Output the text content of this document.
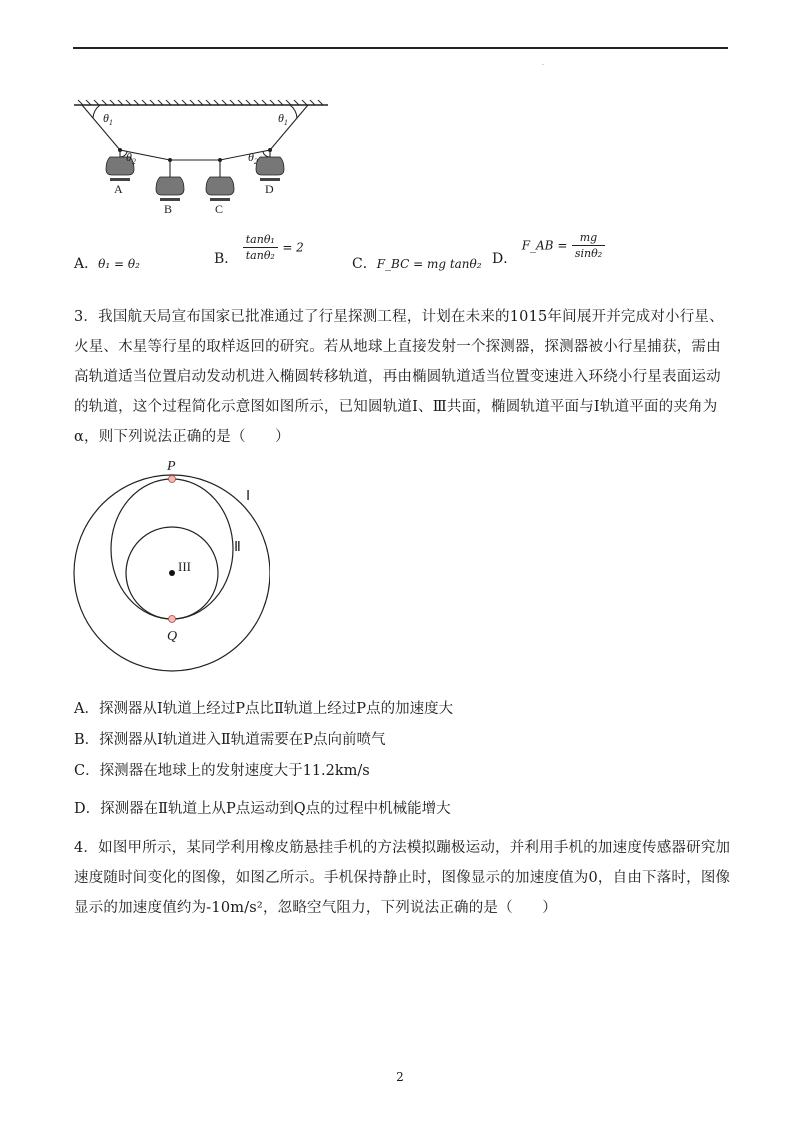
.
$\theta_1$	$\theta_1$
$\theta_2$	$\theta_2$
A
B	C
D
A．θ₁ = θ₂	B． $\frac{\text{tanθ₁}}{\text{tanθ₂}} = 2$
C．F_BC = mg tanθ₂ D． F_AB = $\frac{mg}{\text{sinθ₂}}$
3．我国航天局宣布国家已批准通过了行星探测工程，计划在未来的1015年间展开并完成对小行星、火星、木星等行星的取样返回的研究。若从地球上直接发射一个探测器，探测器被小行星捕获，需由高轨道适当位置启动发动机进入椭圆转移轨道，再由椭圆轨道适当位置变速进入环绕小行星表面运动的轨道，这个过程简化示意图如图所示，已知圆轨道Ⅰ、Ⅲ共面，椭圆轨道平面与Ⅰ轨道平面的夹角为α，则下列说法正确的是（　　）
P
Q
Ⅰ
Ⅱ
III
A．探测器从Ⅰ轨道上经过P点比Ⅱ轨道上经过P点的加速度大
B．探测器从Ⅰ轨道进入Ⅱ轨道需要在P点向前喷气
C．探测器在地球上的发射速度大于11.2km/s
D．探测器在Ⅱ轨道上从P点运动到Q点的过程中机械能增大
4．如图甲所示，某同学利用橡皮筋悬挂手机的方法模拟蹦极运动，并利用手机的加速度传感器研究加速度随时间变化的图像，如图乙所示。手机保持静止时，图像显示的加速度值为0，自由下落时，图像显示的加速度值约为-10m/s²，忽略空气阻力，下列说法正确的是（　　）
2
